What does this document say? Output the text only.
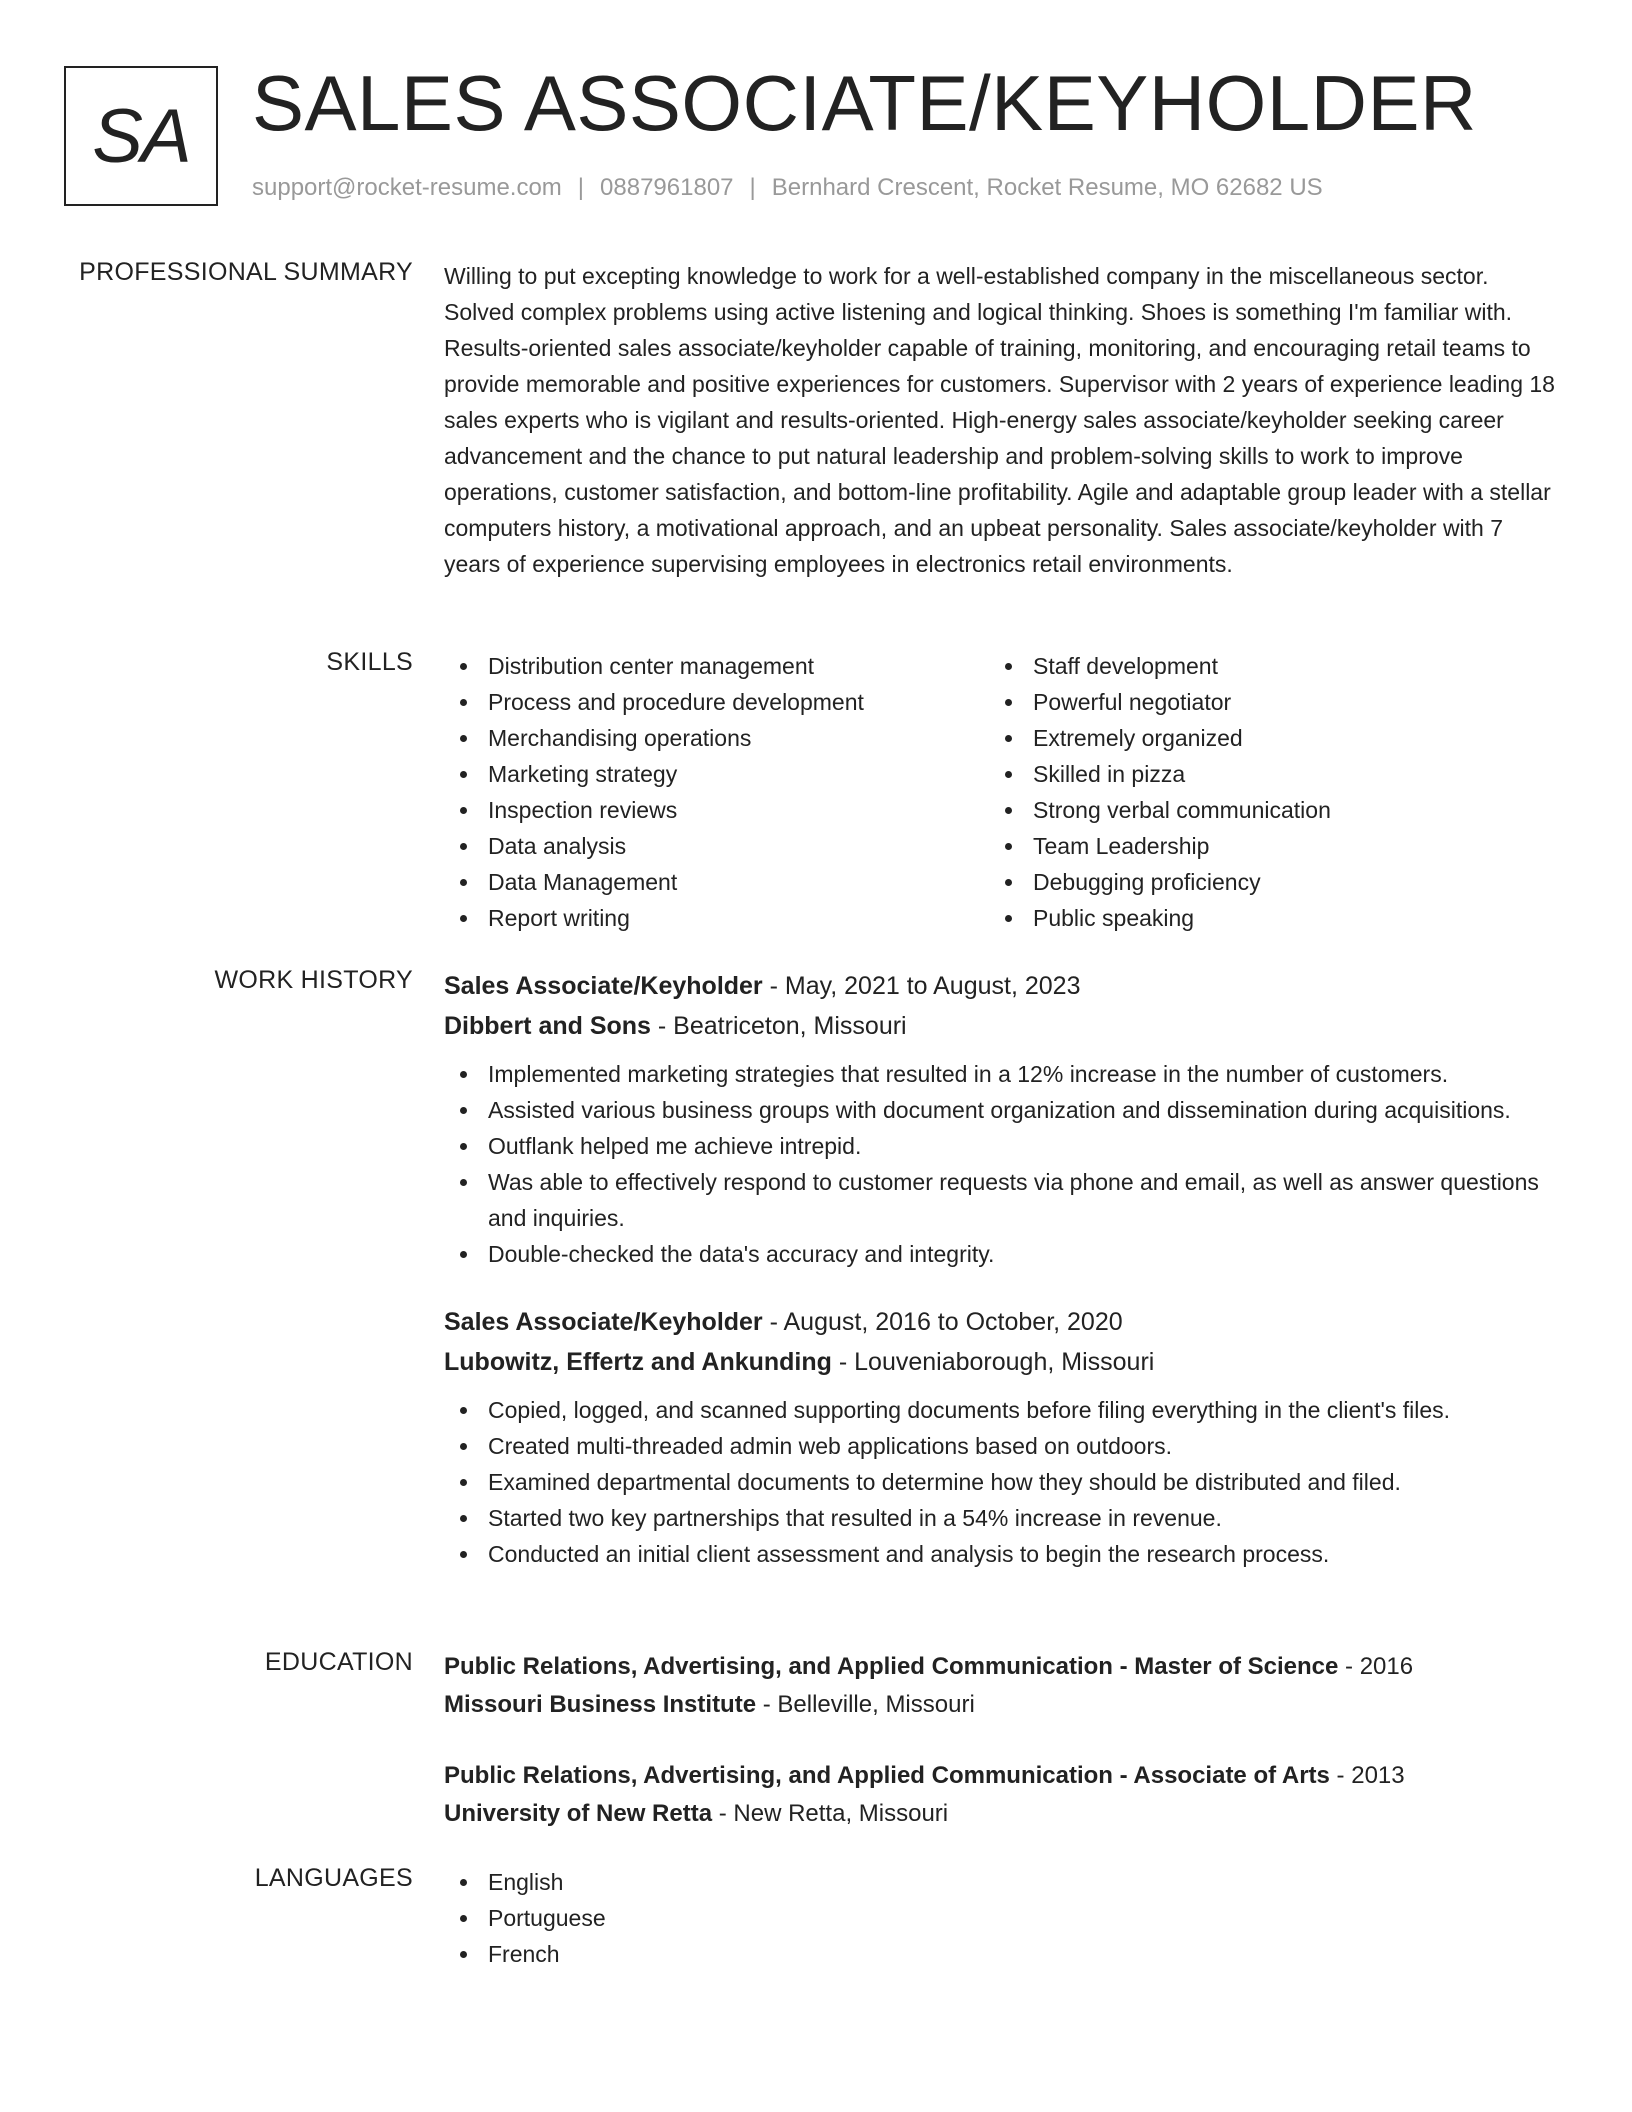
SA SALES ASSOCIATE/KEYHOLDER
support@rocket-resume.com | 0887961807 | Bernhard Crescent, Rocket Resume, MO 62682 US
PROFESSIONAL SUMMARY Willing to put excepting knowledge to work for a well-established company in the miscellaneous sector. Solved complex problems using active listening and logical thinking. Shoes is something I'm familiar with. Results-oriented sales associate/keyholder capable of training, monitoring, and encouraging retail teams to provide memorable and positive experiences for customers. Supervisor with 2 years of experience leading 18 sales experts who is vigilant and results-oriented. High-energy sales associate/keyholder seeking career advancement and the chance to put natural leadership and problem-solving skills to work to improve operations, customer satisfaction, and bottom-line profitability. Agile and adaptable group leader with a stellar computers history, a motivational approach, and an upbeat personality. Sales associate/keyholder with 7 years of experience supervising employees in electronics retail environments.

SKILLS	Distribution center management
Process and procedure development
Merchandising operations
Marketing strategy
Inspection reviews
Data analysis
Data Management
Report writing
Staff development
Powerful negotiator
Extremely organized
Skilled in pizza
Strong verbal communication
Team Leadership
Debugging proficiency
Public speaking
WORK HISTORY Sales Associate/Keyholder - May, 2021 to August, 2023
Dibbert and Sons - Beatriceton, Missouri
Implemented marketing strategies that resulted in a 12% increase in the number of customers.
Assisted various business groups with document organization and dissemination during acquisitions.
Outflank helped me achieve intrepid.
Was able to effectively respond to customer requests via phone and email, as well as answer questions and inquiries.
Double-checked the data's accuracy and integrity.
Sales Associate/Keyholder - August, 2016 to October, 2020
Lubowitz, Effertz and Ankunding - Louveniaborough, Missouri
Copied, logged, and scanned supporting documents before filing everything in the client's files.
Created multi-threaded admin web applications based on outdoors.
Examined departmental documents to determine how they should be distributed and filed.
Started two key partnerships that resulted in a 54% increase in revenue.
Conducted an initial client assessment and analysis to begin the research process.
EDUCATION Public Relations, Advertising, and Applied Communication - Master of Science - 2016
Missouri Business Institute - Belleville, Missouri
Public Relations, Advertising, and Applied Communication - Associate of Arts - 2013
University of New Retta - New Retta, Missouri
LANGUAGES	English
Portuguese
French
